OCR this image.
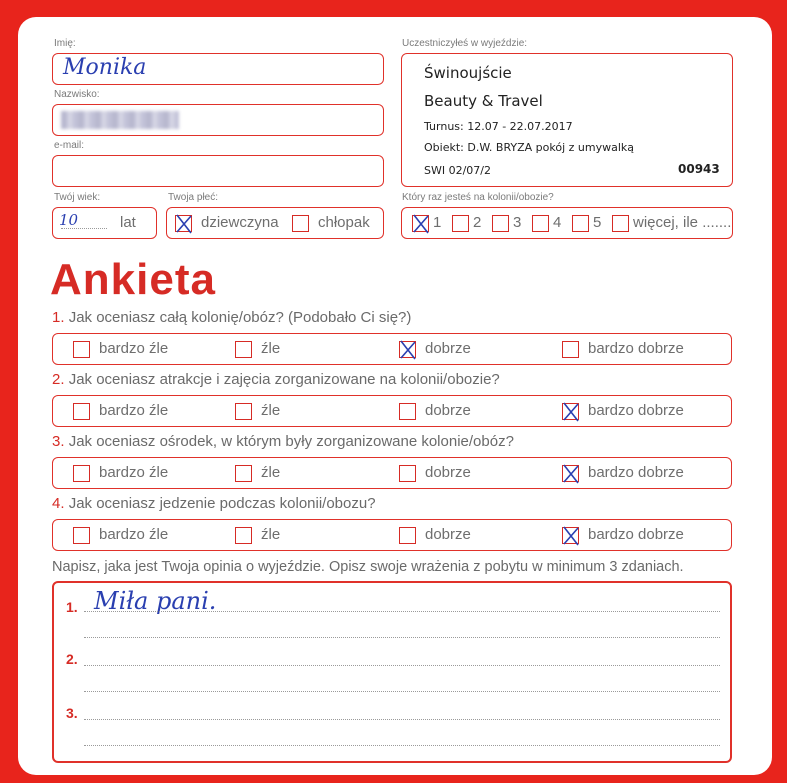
Imię:
Monika
Nazwisko:
e-mail:
Twój wiek:
10	lat
Twoja płeć:
dziewczyna	chłopak
Uczestniczyłeś w wyjeździe:
Świnoujście
Beauty & Travel
Turnus: 12.07 - 22.07.2017
Obiekt: D.W. BRYZA pokój z umywalką
SWI 02/07/2	00943
Który raz jesteś na kolonii/obozie?
1 2 3 4 5 więcej, ile .......
Ankieta
1. Jak oceniasz całą kolonię/obóz? (Podobało Ci się?)
bardzo źle	źle	dobrze	bardzo dobrze
2. Jak oceniasz atrakcje i zajęcia zorganizowane na kolonii/obozie?
bardzo źle	źle	dobrze	bardzo dobrze
3. Jak oceniasz ośrodek, w którym były zorganizowane kolonie/obóz?
bardzo źle	źle	dobrze	bardzo dobrze
4. Jak oceniasz jedzenie podczas kolonii/obozu?
bardzo źle	źle	dobrze	bardzo dobrze
Napisz, jaka jest Twoja opinia o wyjeździe. Opisz swoje wrażenia z pobytu w minimum 3 zdaniach.
1. Miła pani.
2.
3.
